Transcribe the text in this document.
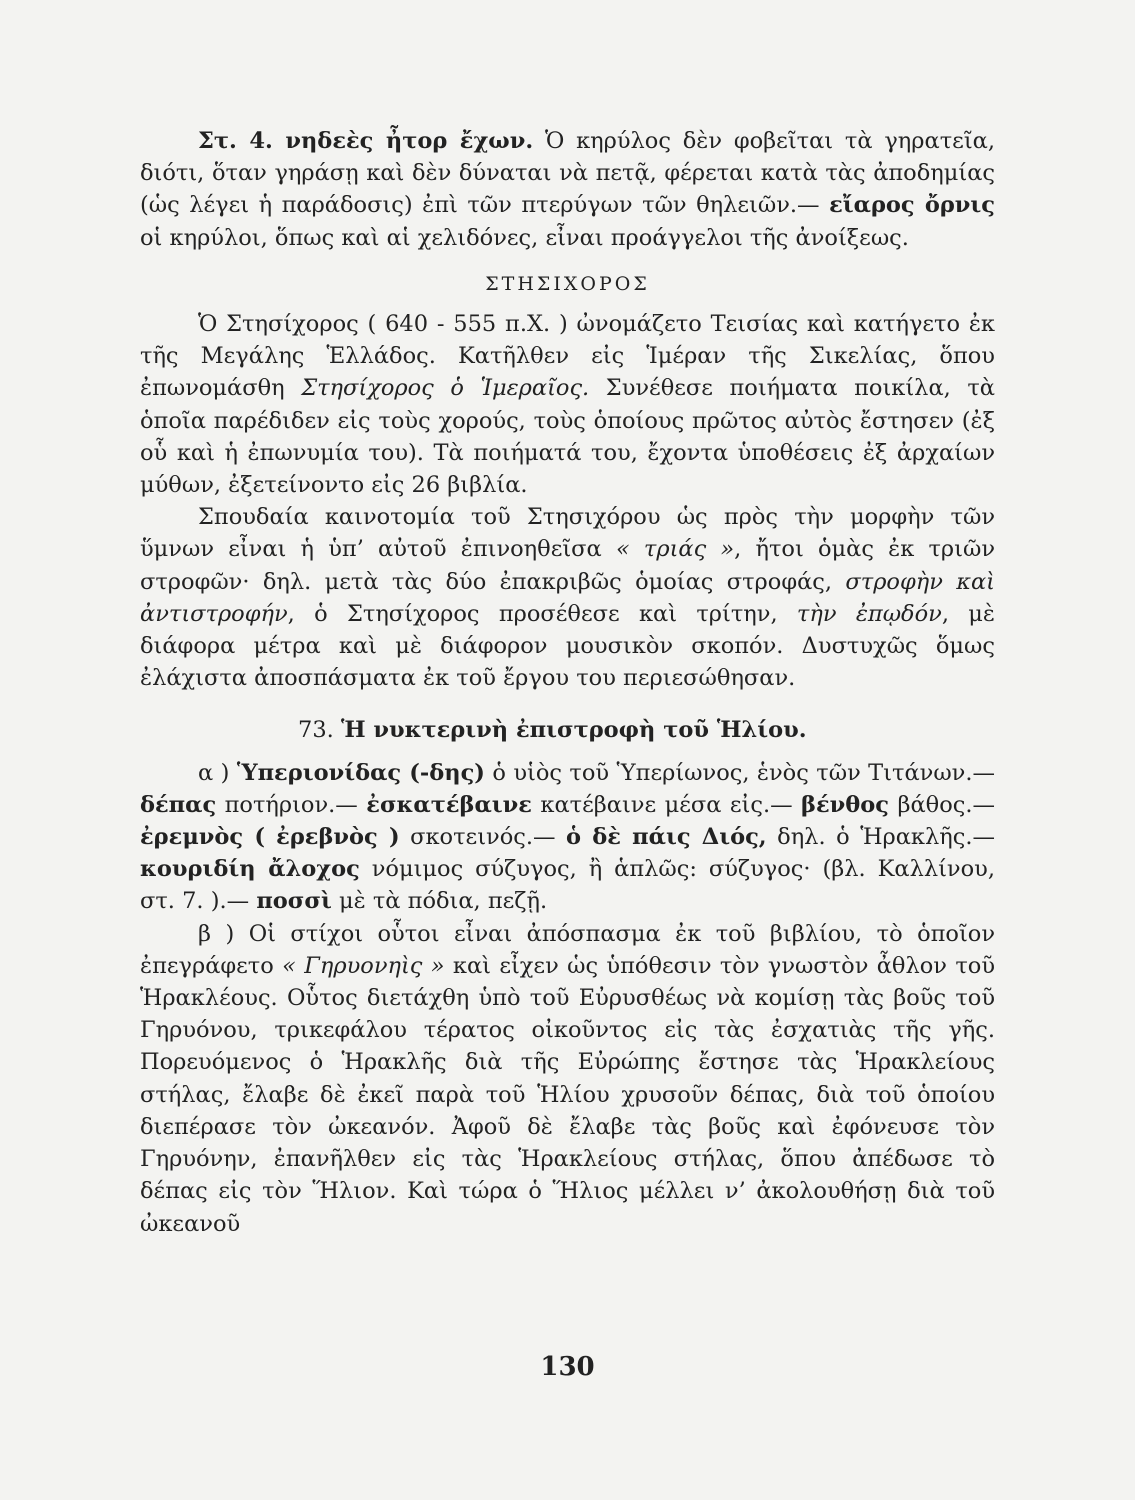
Στ. 4. νηδεὲς ἦτορ ἔχων. Ὁ κηρύλος δὲν φοβεῖται τὰ γηρατεῖα, διότι, ὅταν γηράσῃ καὶ δὲν δύναται νὰ πετᾷ, φέρεται κατὰ τὰς ἀποδημίας (ὡς λέγει ἡ παράδοσις) ἐπὶ τῶν πτερύγων τῶν θηλειῶν.— εἴαρος ὄρνις οἱ κηρύλοι, ὅπως καὶ αἱ χελιδόνες, εἶναι προάγγελοι τῆς ἀνοίξεως.

ΣΤΗΣΙΧΟΡΟΣ

Ὁ Στησίχορος ( 640 - 555 π.Χ. ) ὠνομάζετο Τεισίας καὶ κατήγετο ἐκ τῆς Μεγάλης Ἑλλάδος. Κατῆλθεν εἰς Ἱμέραν τῆς Σικελίας, ὅπου ἐπωνομάσθη Στησίχορος ὁ Ἱμεραῖος. Συνέθεσε ποιήματα ποικίλα, τὰ ὁποῖα παρέδιδεν εἰς τοὺς χορούς, τοὺς ὁποίους πρῶτος αὐτὸς ἔστησεν (ἐξ οὗ καὶ ἡ ἐπωνυμία του). Τὰ ποιήματά του, ἔχοντα ὑποθέσεις ἐξ ἀρχαίων μύθων, ἐξετείνοντο εἰς 26 βιβλία.

Σπουδαία καινοτομία τοῦ Στησιχόρου ὡς πρὸς τὴν μορφὴν τῶν ὕμνων εἶναι ἡ ὑπ’ αὐτοῦ ἐπινοηθεῖσα « τριάς », ἤτοι ὁμὰς ἐκ τριῶν στροφῶν· δηλ. μετὰ τὰς δύο ἐπακριβῶς ὁμοίας στροφάς, στροφὴν καὶ ἀντιστροφήν, ὁ Στησίχορος προσέθεσε καὶ τρίτην, τὴν ἐπῳδόν, μὲ διάφορα μέτρα καὶ μὲ διάφορον μουσικὸν σκοπόν. Δυστυχῶς ὅμως ἐλάχιστα ἀποσπάσματα ἐκ τοῦ ἔργου του περιεσώθησαν.

73. Ἡ νυκτερινὴ ἐπιστροφὴ τοῦ Ἡλίου.

α ) Ὑπεριονίδας (-δης) ὁ υἱὸς τοῦ Ὑπερίωνος, ἑνὸς τῶν Τιτάνων.— δέπας ποτήριον.— ἐσκατέβαινε κατέβαινε μέσα εἰς.— βένθος βάθος.— ἐρεμνὸς ( ἐρεβνὸς ) σκοτεινός.— ὁ δὲ πάις Διός, δηλ. ὁ Ἡρακλῆς.— κουριδίη ἄλοχος νόμιμος σύζυγος, ἢ ἁπλῶς: σύζυγος· (βλ. Καλλίνου, στ. 7. ).— ποσσὶ μὲ τὰ πόδια, πεζῇ.

β ) Οἱ στίχοι οὗτοι εἶναι ἀπόσπασμα ἐκ τοῦ βιβλίου, τὸ ὁποῖον ἐπεγράφετο « Γηρυονηὶς » καὶ εἶχεν ὡς ὑπόθεσιν τὸν γνωστὸν ἆθλον τοῦ Ἡρακλέους. Οὗτος διετάχθη ὑπὸ τοῦ Εὐρυσθέως νὰ κομίσῃ τὰς βοῦς τοῦ Γηρυόνου, τρικεφάλου τέρατος οἰκοῦντος εἰς τὰς ἐσχατιὰς τῆς γῆς. Πορευόμενος ὁ Ἡρακλῆς διὰ τῆς Εὐρώπης ἔστησε τὰς Ἡρακλείους στήλας, ἔλαβε δὲ ἐκεῖ παρὰ τοῦ Ἡλίου χρυσοῦν δέπας, διὰ τοῦ ὁποίου διεπέρασε τὸν ὠκεανόν. Ἀφοῦ δὲ ἔλαβε τὰς βοῦς καὶ ἐφόνευσε τὸν Γηρυόνην, ἐπανῆλθεν εἰς τὰς Ἡρακλείους στήλας, ὅπου ἀπέδωσε τὸ δέπας εἰς τὸν Ἥλιον. Καὶ τώρα ὁ Ἥλιος μέλλει ν’ ἀκολουθήσῃ διὰ τοῦ ὠκεανοῦ

130
